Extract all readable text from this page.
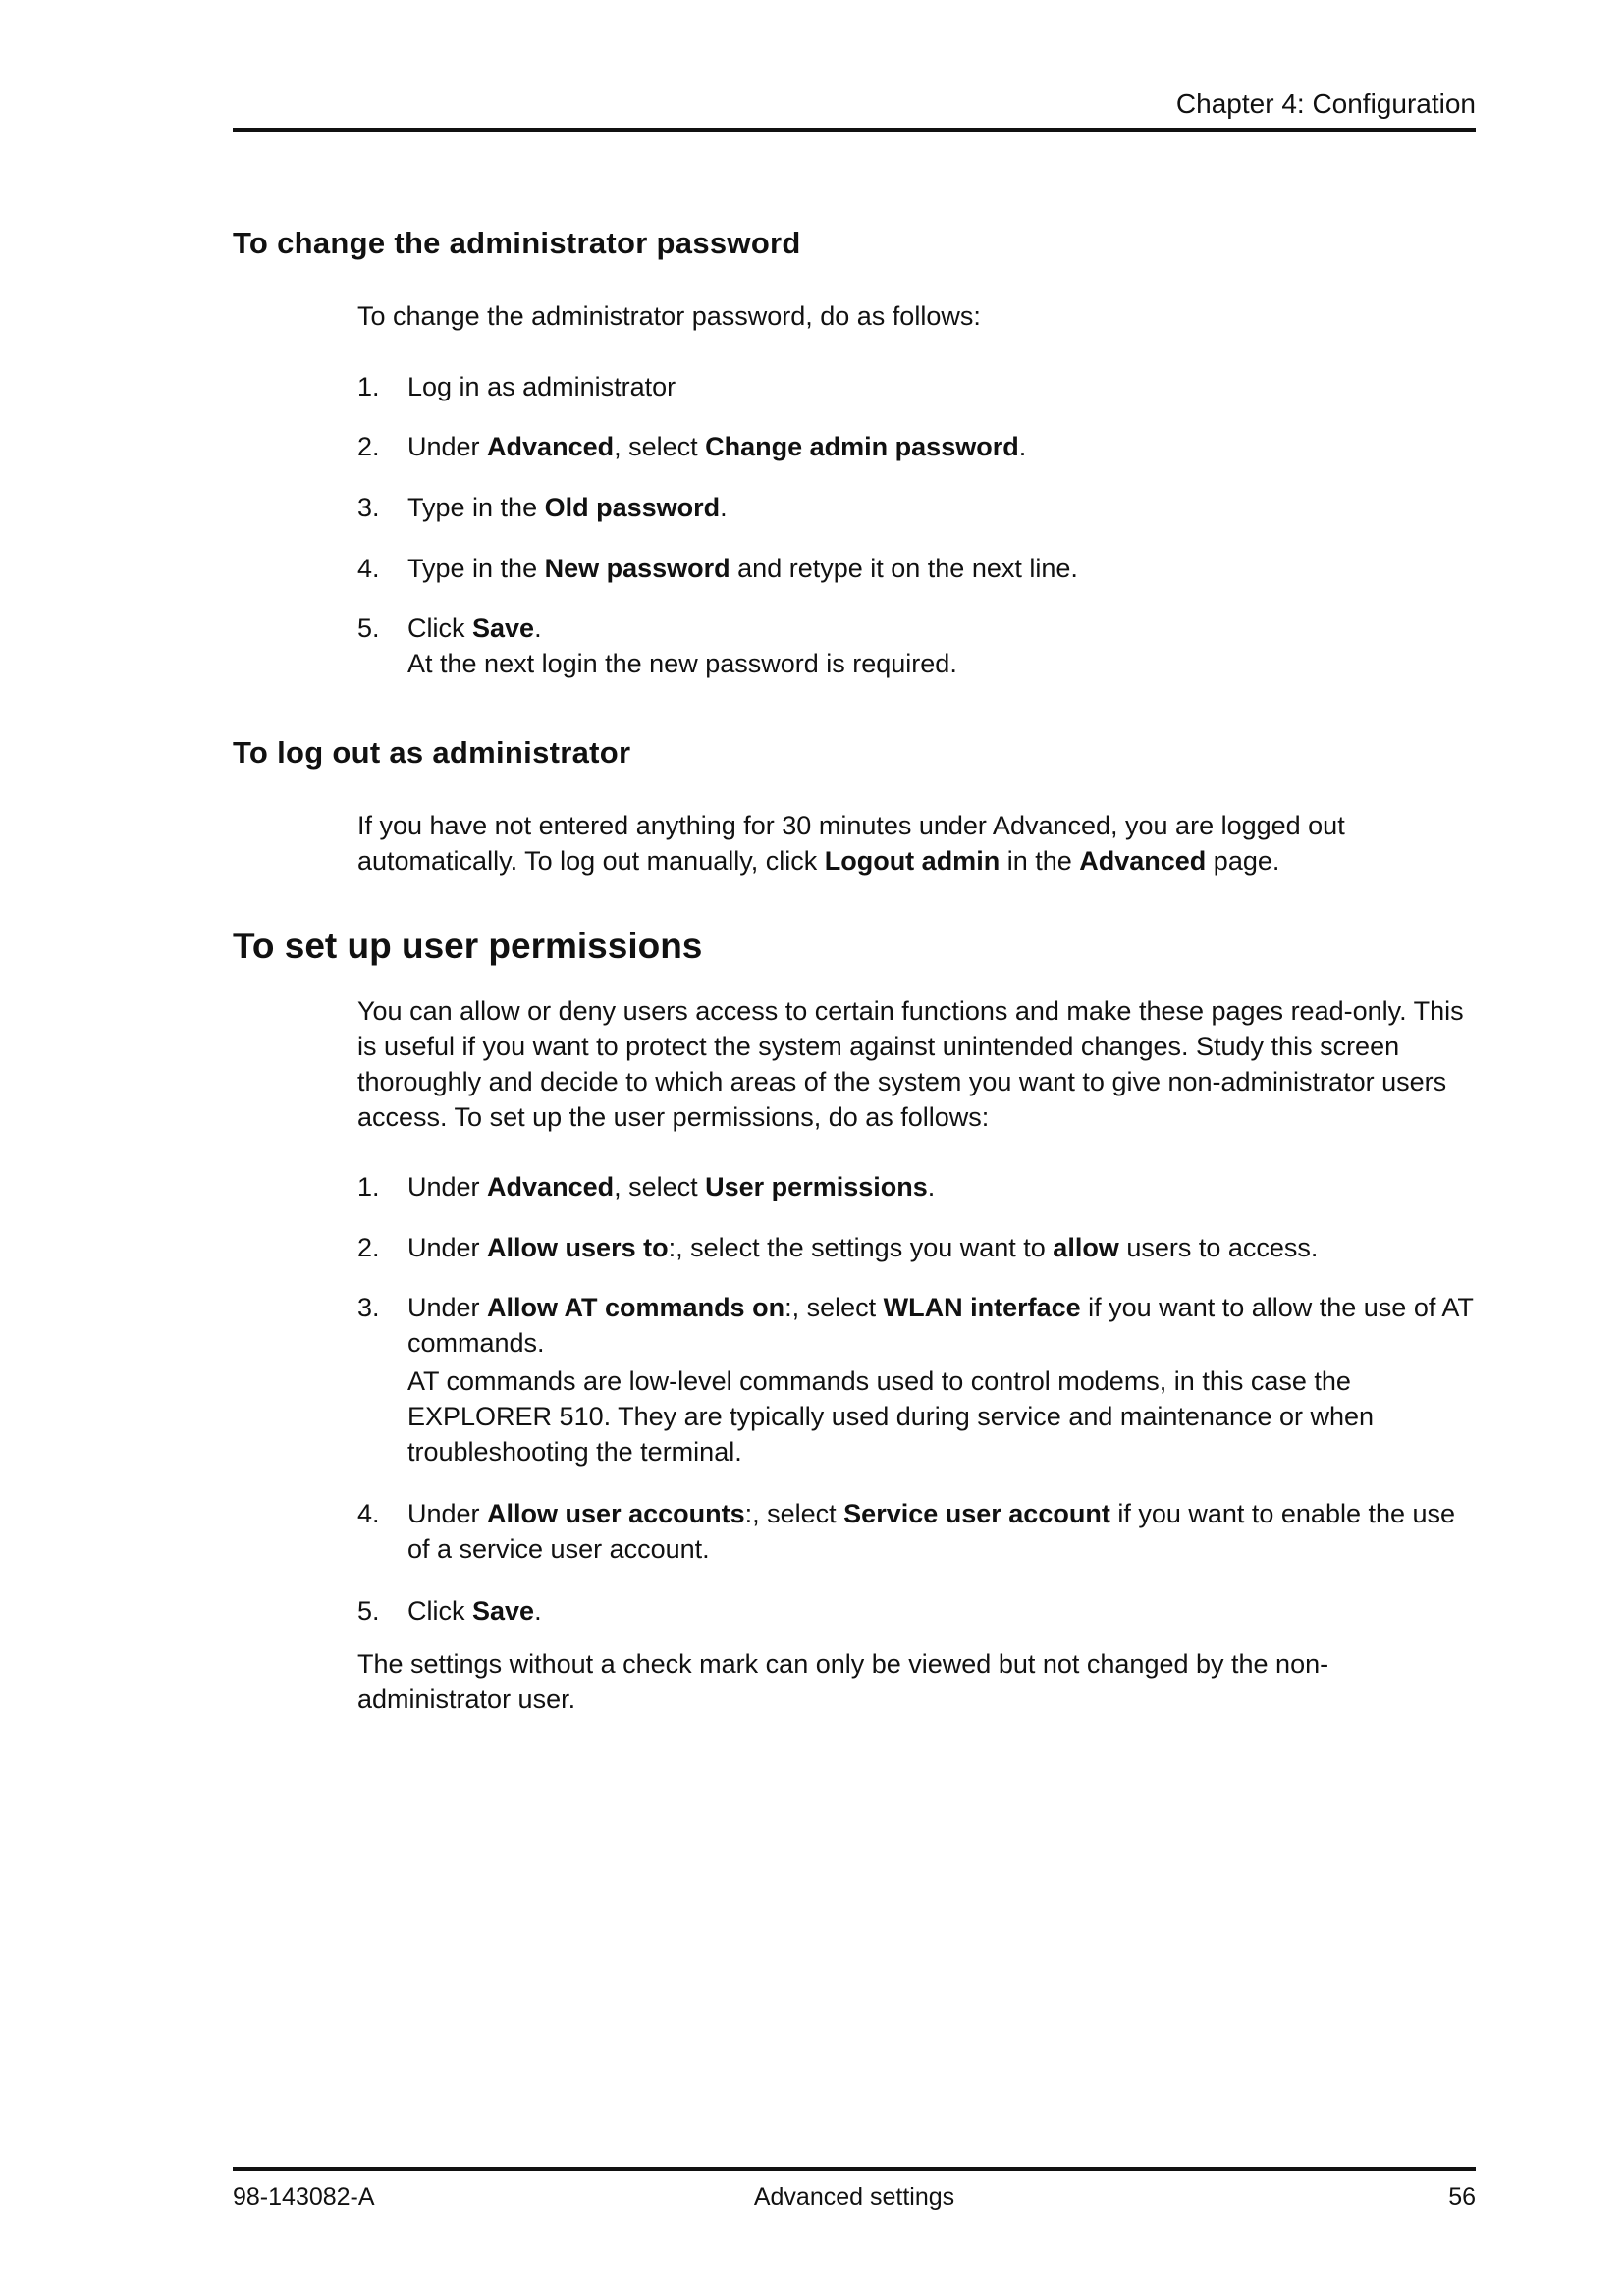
Chapter 4: Configuration
To change the administrator password
To change the administrator password, do as follows:
1. Log in as administrator
2. Under Advanced, select Change admin password.
3. Type in the Old password.
4. Type in the New password and retype it on the next line.
5. Click Save.
At the next login the new password is required.
To log out as administrator
If you have not entered anything for 30 minutes under Advanced, you are logged out automatically. To log out manually, click Logout admin in the Advanced page.
To set up user permissions
You can allow or deny users access to certain functions and make these pages read-only. This is useful if you want to protect the system against unintended changes. Study this screen thoroughly and decide to which areas of the system you want to give non-administrator users access. To set up the user permissions, do as follows:
1. Under Advanced, select User permissions.
2. Under Allow users to:, select the settings you want to allow users to access.
3. Under Allow AT commands on:, select WLAN interface if you want to allow the use of AT commands.
AT commands are low-level commands used to control modems, in this case the EXPLORER 510. They are typically used during service and maintenance or when troubleshooting the terminal.
4. Under Allow user accounts:, select Service user account if you want to enable the use of a service user account.
5. Click Save.
The settings without a check mark can only be viewed but not changed by the non-administrator user.
98-143082-A	Advanced settings	56
